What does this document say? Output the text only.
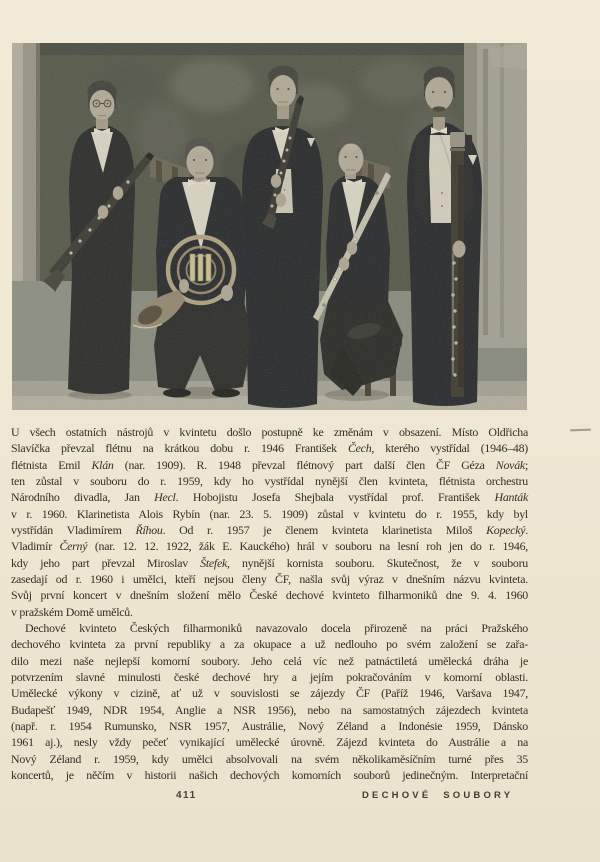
U všech ostatních nástrojů v kvintetu došlo postupně ke změnám v obsazení. Místo Oldřicha
Slavíčka převzal flétnu na krátkou dobu r. 1946 František Čech, kterého vystřídal (1946–48)
flétnista Emil Klán (nar. 1909). R. 1948 převzal flétnový part další člen ČF Géza Novák;
ten zůstal v souboru do r. 1959, kdy ho vystřídal nynější člen kvinteta, flétnista orchestru
Národního divadla, Jan Hecl. Hobojistu Josefa Shejbala vystřídal prof. František Hanták
v r. 1960. Klarinetista Alois Rybín (nar. 23. 5. 1909) zůstal v kvintetu do r. 1955, kdy byl
vystřídán Vladimírem Říhou. Od r. 1957 je členem kvinteta klarinetista Miloš Kopecký.
Vladimír Černý (nar. 12. 12. 1922, žák E. Kauckého) hrál v souboru na lesní roh jen do r. 1946,
kdy jeho part převzal Miroslav Štefek, nynější kornista souboru. Skutečnost, že v souboru
zasedají od r. 1960 i umělci, kteří nejsou členy ČF, našla svůj výraz v dnešním názvu kvinteta.
Svůj první koncert v dnešním složení mělo České dechové kvinteto filharmoniků dne 9. 4. 1960
v pražském Domě umělců.
Dechové kvinteto Českých filharmoniků navazovalo docela přirozeně na práci Pražského
dechového kvinteta za první republiky a za okupace a už nedlouho po svém založení se zařa-
dilo mezi naše nejlepší komorní soubory. Jeho celá víc než patnáctiletá umělecká dráha je
potvrzením slavné minulosti české dechové hry a jejím pokračováním v komorní oblasti.
Umělecké výkony v cizině, ať už v souvislosti se zájezdy ČF (Paříž 1946, Varšava 1947,
Budapešť 1949, NDR 1954, Anglie a NSR 1956), nebo na samostatných zájezdech kvinteta
(např. r. 1954 Rumunsko, NSR 1957, Austrálie, Nový Zéland a Indonésie 1959, Dánsko
1961 aj.), nesly vždy pečeť vynikající umělecké úrovně. Zájezd kvinteta do Austrálie a na
Nový Zéland r. 1959, kdy umělci absolvovali na svém několikaměsíčním turné přes 35
koncertů, je něčím v historii našich dechových komorních souborů jedinečným. Interpretační
411	DECHOVÉ SOUBORY
